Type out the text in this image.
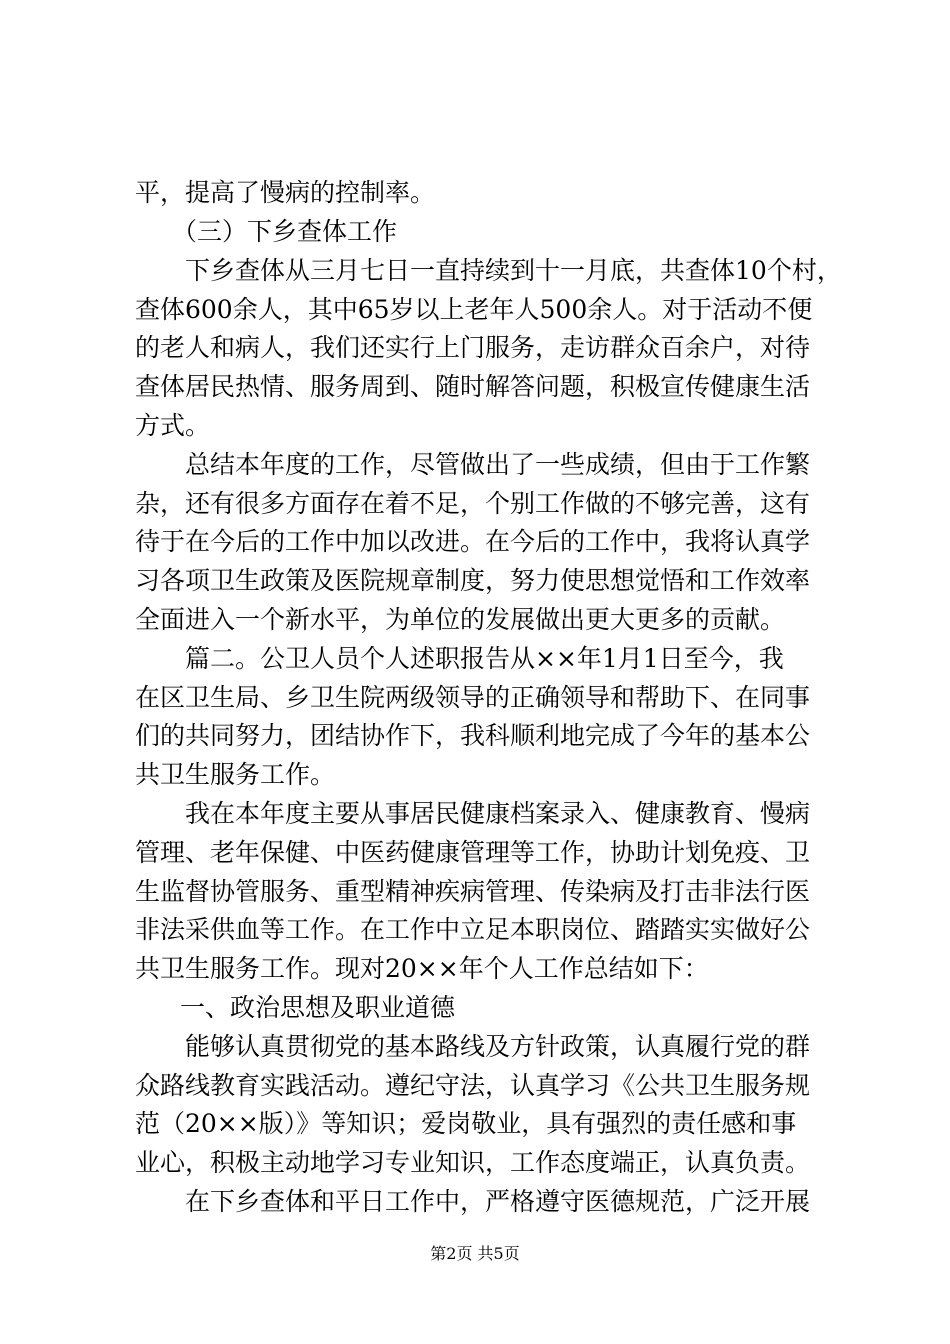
平，提高了慢病的控制率。
（三）下乡查体工作
下乡查体从三月七日一直持续到十一月底，共查体10个村，
查体600余人，其中65岁以上老年人500余人。对于活动不便
的老人和病人，我们还实行上门服务，走访群众百余户，对待
查体居民热情、服务周到、随时解答问题，积极宣传健康生活
方式。
总结本年度的工作，尽管做出了一些成绩，但由于工作繁
杂，还有很多方面存在着不足，个别工作做的不够完善，这有
待于在今后的工作中加以改进。在今后的工作中，我将认真学
习各项卫生政策及医院规章制度，努力使思想觉悟和工作效率
全面进入一个新水平，为单位的发展做出更大更多的贡献。
篇二。公卫人员个人述职报告从××年1月1日至今，我
在区卫生局、乡卫生院两级领导的正确领导和帮助下、在同事
们的共同努力，团结协作下，我科顺利地完成了今年的基本公
共卫生服务工作。
我在本年度主要从事居民健康档案录入、健康教育、慢病
管理、老年保健、中医药健康管理等工作，协助计划免疫、卫
生监督协管服务、重型精神疾病管理、传染病及打击非法行医
非法采供血等工作。在工作中立足本职岗位、踏踏实实做好公
共卫生服务工作。现对20××年个人工作总结如下：
一、政治思想及职业道德
能够认真贯彻党的基本路线及方针政策，认真履行党的群
众路线教育实践活动。遵纪守法，认真学习《公共卫生服务规
范（20××版）》等知识；爱岗敬业，具有强烈的责任感和事
业心，积极主动地学习专业知识，工作态度端正，认真负责。
在下乡查体和平日工作中，严格遵守医德规范，广泛开展
第2页 共5页
